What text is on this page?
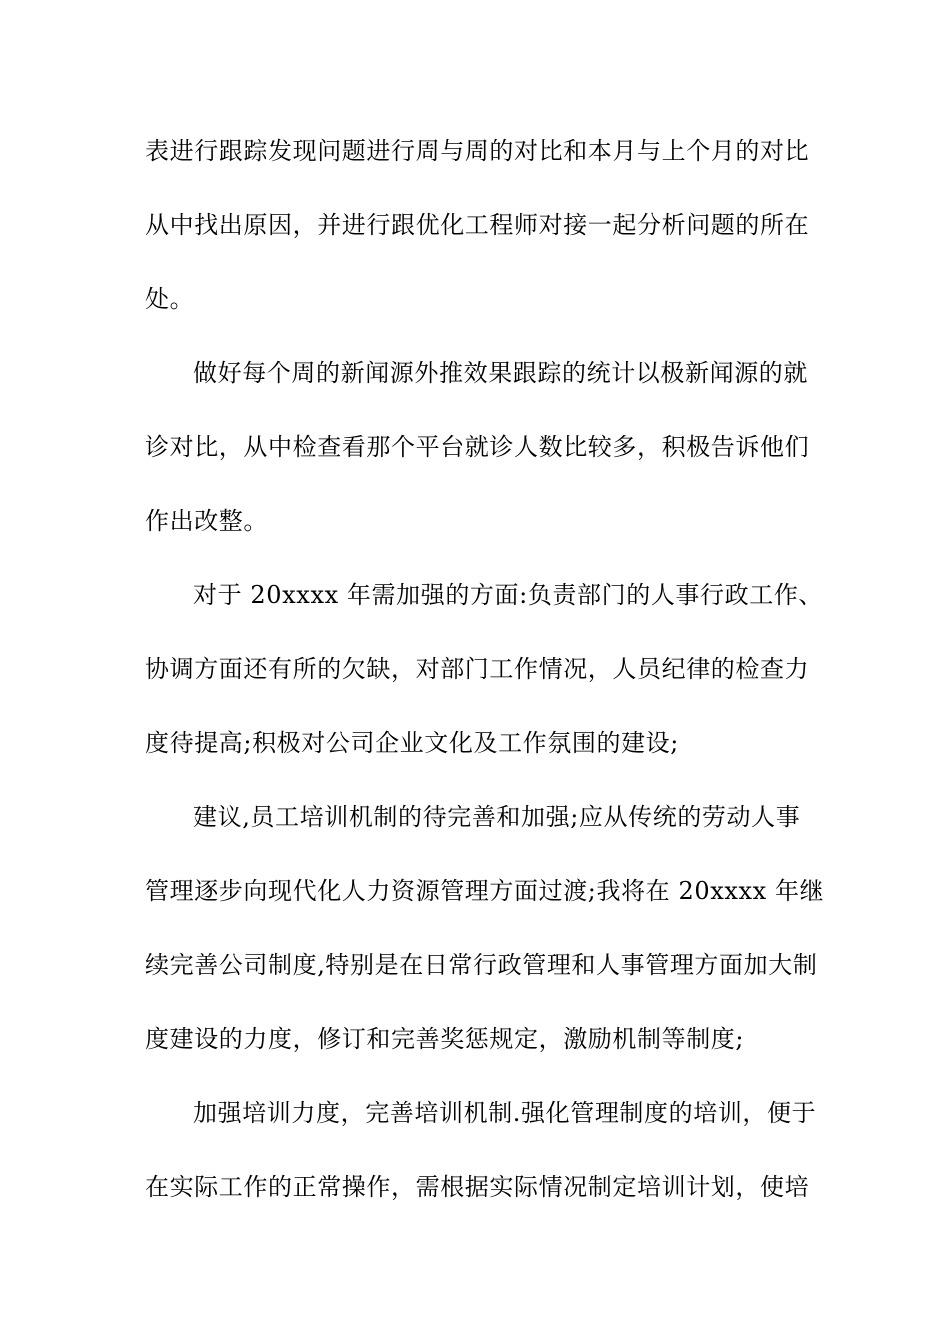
表进行跟踪发现问题进行周与周的对比和本月与上个月的对比
从中找出原因，并进行跟优化工程师对接一起分析问题的所在
处。
做好每个周的新闻源外推效果跟踪的统计以极新闻源的就
诊对比，从中检查看那个平台就诊人数比较多，积极告诉他们
作出改整。
对于 20xxxx 年需加强的方面:负责部门的人事行政工作、
协调方面还有所的欠缺，对部门工作情况，人员纪律的检查力
度待提高;积极对公司企业文化及工作氛围的建设;
建议,员工培训机制的待完善和加强;应从传统的劳动人事
管理逐步向现代化人力资源管理方面过渡;我将在 20xxxx 年继
续完善公司制度,特别是在日常行政管理和人事管理方面加大制
度建设的力度，修订和完善奖惩规定，激励机制等制度;
加强培训力度，完善培训机制.强化管理制度的培训，便于
在实际工作的正常操作，需根据实际情况制定培训计划，使培
